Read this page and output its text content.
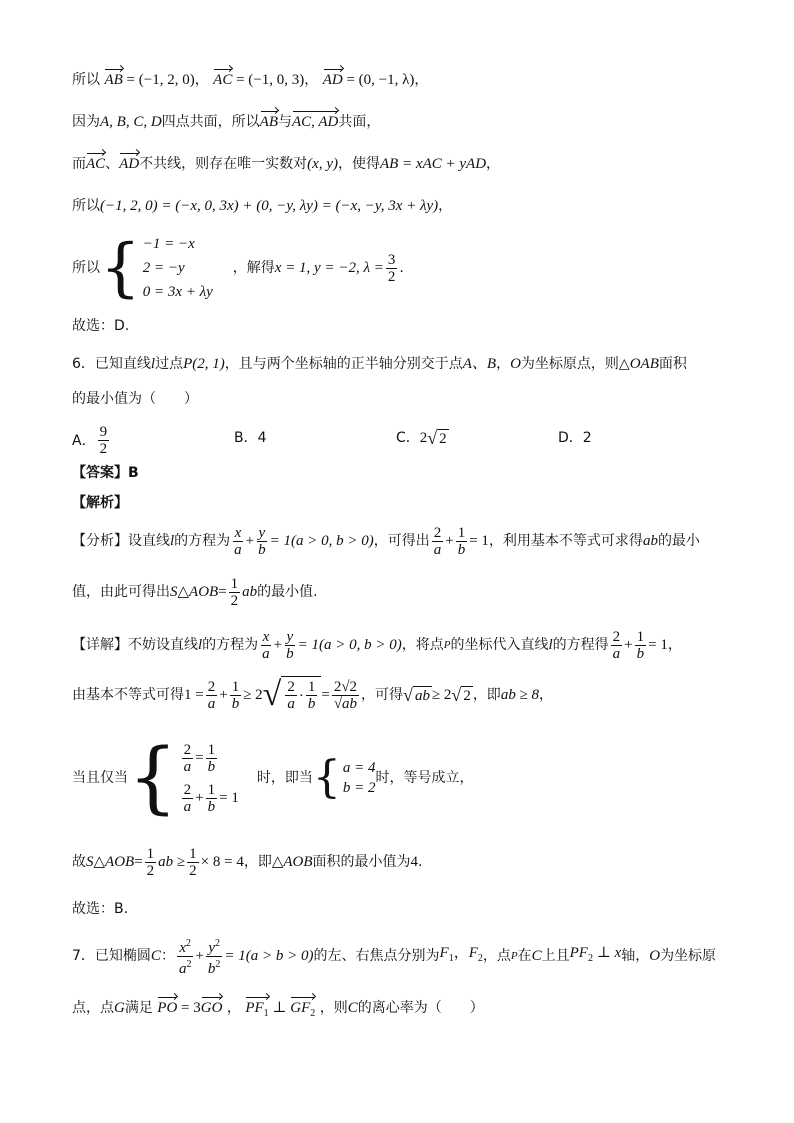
所以 AB = (−1, 2, 0)， AC = (−1, 0, 3)， AD = (0, −1, λ)，
因为A, B, C, D四点共面，所以AB与AC, AD共面，
而AC、AD不共线，则存在唯一实数对(x, y)，使得AB = xAC + yAD，
所以(−1, 2, 0) = (−x, 0, 3x) + (0, −y, λy) = (−x, −y, 3x + λy)，
所以 { −1 = −x
2 = −y
0 = 3x + λy
，解得 x = 1, y = −2, $\lambda = \frac{3}{2}$ .
故选：D.
6．已知直线l过点P(2, 1)，且与两个坐标轴的正半轴分别交于点A、B，O为坐标原点，则△OAB面积
的最小值为（　　）
A． $\frac{9}{2}$	B．4	C． 2 √ 2	D．2
【答案】B
【解析】
【分析】设直线 l 的方程为 $\frac{x}{a} + \frac{y}{b} = 1(a > 0$, b > 0) ，可得出 $\frac{2}{a} + \frac{1}{b} = 1$ ，利用基本不等式可求得 ab 的最小
值，由此可得出 S △AOB = $\frac{1}{2}$ ab 的最小值.
【详解】不妨设直线 l 的方程为 $\frac{x}{a} + \frac{y}{b} = 1(a > 0$, b > 0) ，将点 P 的坐标代入直线 l 的方程得 $\frac{2}{a} + \frac{1}{b} = 1$ ，
由基本不等式可得 $1 = \frac{2}{a} + \frac{1}{b} \ge 2$ √ $\frac{2}{a} \cdot \frac{1}{b} = \frac{2√2}{√ab}$ ，可得 √ ab ≥ 2 √ 2 ，即 ab ≥ 8 ，
当且仅当 { $\frac{2}{a} = \frac{1}{b}$
$\frac{2}{a} + \frac{1}{b} = 1$
时，即当 { a = 4
b = 2
时，等号成立，
故 S △AOB = $\frac{1}{2}$ ab ≥ $\frac{1}{2} \times 8 = 4$ ，即 △AOB 面积的最小值为 4 .
故选：B.
7．已知椭圆 C ： $\frac{x^2}{a^2} + \frac{y^2}{b^2} = 1(a > b > 0)$ 的左、右焦点分别为 $F_1$，$F_2$ ，点 P 在 C 上且 $PF_2$ ⊥ x 轴， O 为坐标原
点，点G满足 PO = 3GO ， $PF_1$ ⊥ $GF_2$ ，则C的离心率为（　　）
